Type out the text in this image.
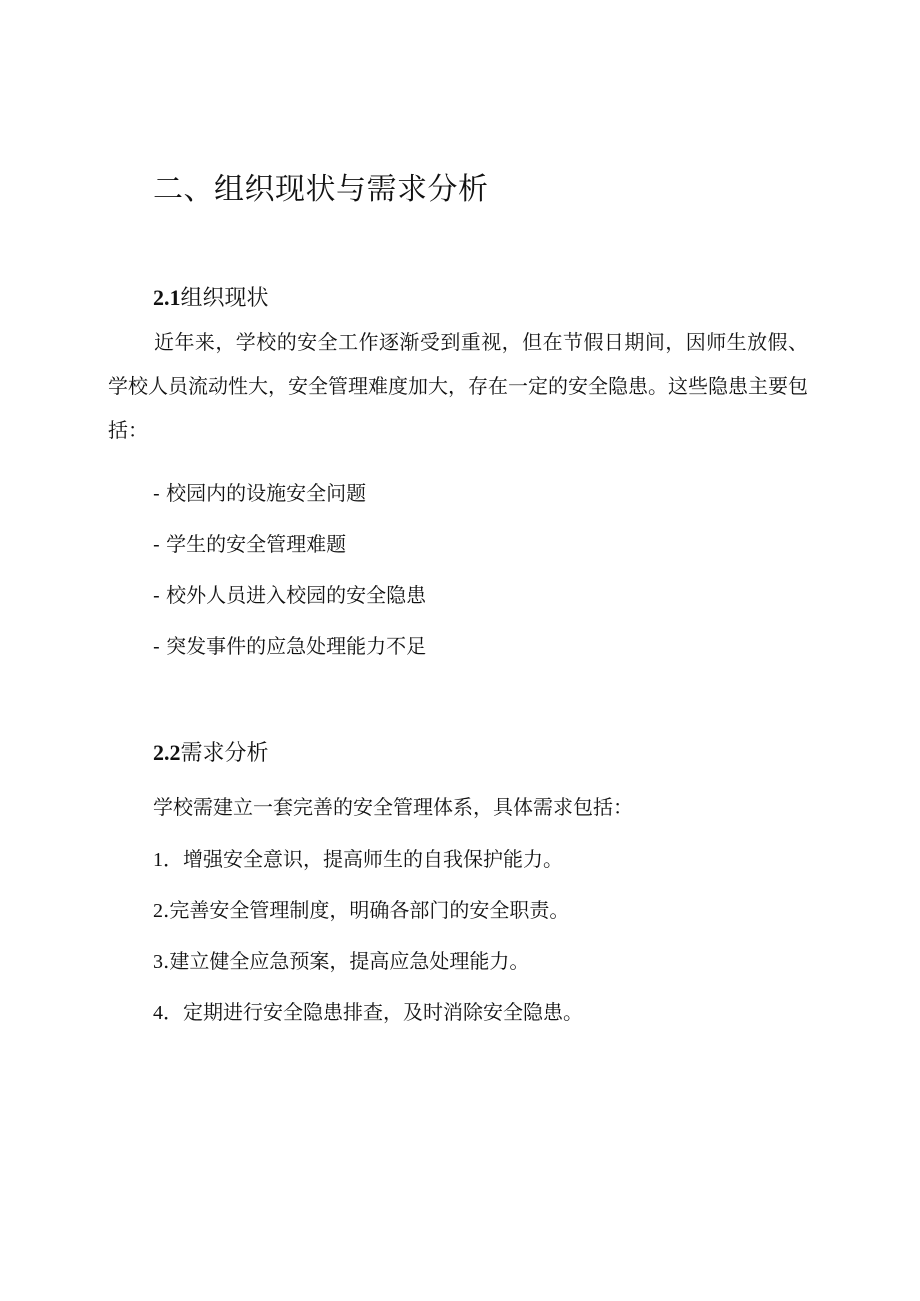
二、组织现状与需求分析
2.1组织现状
近年来，学校的安全工作逐渐受到重视，但在节假日期间，因师生放假、学校人员流动性大，安全管理难度加大，存在一定的安全隐患。这些隐患主要包括：
- 校园内的设施安全问题
- 学生的安全管理难题
- 校外人员进入校园的安全隐患
- 突发事件的应急处理能力不足
2.2需求分析
学校需建立一套完善的安全管理体系，具体需求包括：
1．增强安全意识，提高师生的自我保护能力。
2.完善安全管理制度，明确各部门的安全职责。
3.建立健全应急预案，提高应急处理能力。
4．定期进行安全隐患排查，及时消除安全隐患。
